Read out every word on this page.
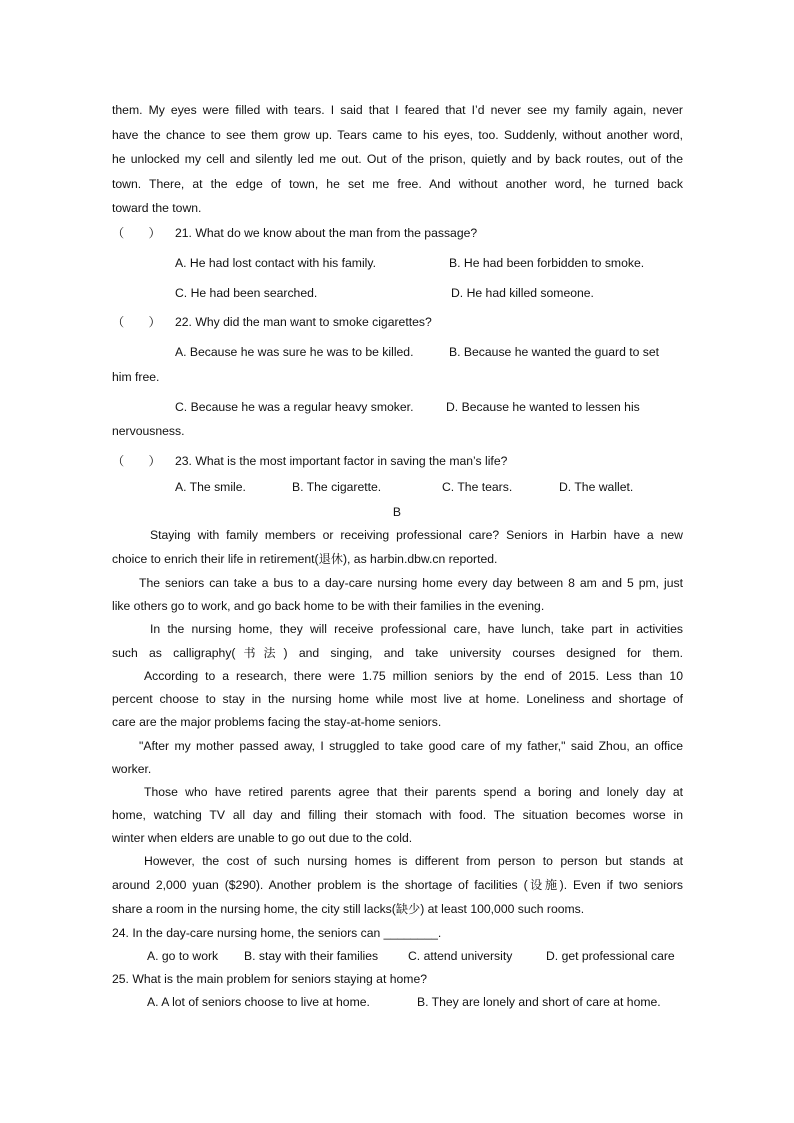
them. My eyes were filled with tears. I said that I feared that I’d never see my family again, never
have the chance to see them grow up. Tears came to his eyes, too. Suddenly, without another word,
he unlocked my cell and silently led me out. Out of the prison, quietly and by back routes, out of the
town. There, at the edge of town, he set me free. And without another word, he turned back
toward the town.
（　　） 21. What do we know about the man from the passage?
A. He had lost contact with his family.	B. He had been forbidden to smoke.
C. He had been searched.	D. He had killed someone.
（　　） 22. Why did the man want to smoke cigarettes?
A. Because he was sure he was to be killed.	B. Because he wanted the guard to set
him free.
C. Because he was a regular heavy smoker.	D. Because he wanted to lessen his
nervousness.
（　　） 23. What is the most important factor in saving the man’s life?
A. The smile.	B. The cigarette.	C. The tears.	D. The wallet.
B
Staying with family members or receiving professional care? Seniors in Harbin have a new
choice to enrich their life in retirement(退休), as harbin.dbw.cn reported.
The seniors can take a bus to a day-care nursing home every day between 8 am and 5 pm, just
like others go to work, and go back home to be with their families in the evening.
In the nursing home, they will receive professional care, have lunch, take part in activities
such as calligraphy(书法) and singing, and take university courses designed for them.
According to a research, there were 1.75 million seniors by the end of 2015. Less than 10
percent choose to stay in the nursing home while most live at home. Loneliness and shortage of
care are the major problems facing the stay-at-home seniors.
"After my mother passed away, I struggled to take good care of my father," said Zhou, an office
worker.
Those who have retired parents agree that their parents spend a boring and lonely day at
home, watching TV all day and filling their stomach with food. The situation becomes worse in
winter when elders are unable to go out due to the cold.
However, the cost of such nursing homes is different from person to person but stands at
around 2,000 yuan ($290). Another problem is the shortage of facilities (设施). Even if two seniors
share a room in the nursing home, the city still lacks(缺少) at least 100,000 such rooms.
24. In the day-care nursing home, the seniors can ________.
A. go to work B. stay with their families C. attend university	D. get professional care
25. What is the main problem for seniors staying at home?
A. A lot of seniors choose to live at home.	B. They are lonely and short of care at home.
